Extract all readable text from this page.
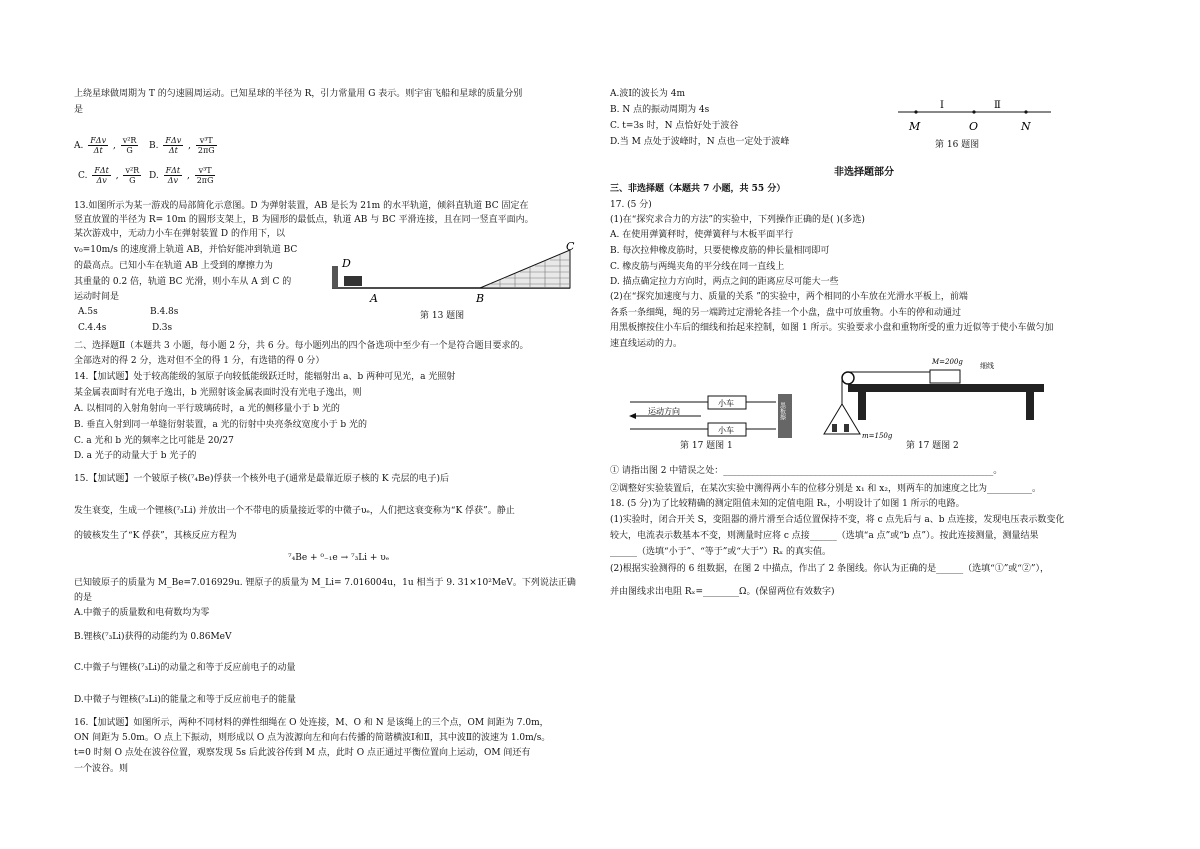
上绕星球做周期为 T 的匀速圆周运动。已知星球的半径为 R，引力常量用 G 表示。则宇宙飞船和星球的质量分别
是
A. $\frac{\text{FΔv}}{\Delta t}$ , $\frac{\text{v²R}}{G} B$. $\frac{\text{FΔv}}{\Delta t}$ , $\frac{\text{v³T}}{2\pi G}$
C. $\frac{\text{FΔt}}{\Delta v}$ , $\frac{\text{v²R}}{G} D$. $\frac{\text{FΔt}}{\Delta v}$ , $\frac{\text{v³T}}{2\pi G}$
13.如图所示为某一游戏的局部简化示意图。D 为弹射装置，AB 是长为 21m 的水平轨道，倾斜直轨道 BC 固定在
竖直放置的半径为 R= 10m 的圆形支架上，B 为圆形的最低点，轨道 AB 与 BC 平滑连接，且在同一竖直平面内。
某次游戏中，无动力小车在弹射装置 D 的作用下，以
v₀=10m/s 的速度滑上轨道 AB，并恰好能冲到轨道 BC
的最高点。已知小车在轨道 AB 上受到的摩擦力为
其重量的 0.2 倍，轨道 BC 光滑，则小车从 A 到 C 的
运动时间是
A.5s	B.4.8s
C.4.4s	D.3s
D
A	B
C
第 13 题图
二、选择题Ⅱ（本题共 3 小题，每小题 2 分，共 6 分。每小题列出的四个备选项中至少有一个是符合题目要求的。
全部选对的得 2 分，选对但不全的得 1 分，有选错的得 0 分）
14.【加试题】处于较高能级的氢原子向较低能级跃迁时，能辐射出 a、b 两种可见光，a 光照射
某金属表面时有光电子逸出，b 光照射该金属表面时没有光电子逸出，则
A. 以相同的入射角射向一平行玻璃砖时，a 光的侧移量小于 b 光的
B. 垂直入射到同一单缝衍射装置，a 光的衍射中央亮条纹宽度小于 b 光的
C. a 光和 b 光的频率之比可能是 20/27
D. a 光子的动量大于 b 光子的
15.【加试题】一个铍原子核(⁷₄Be)俘获一个核外电子(通常是最靠近原子核的 K 壳层的电子)后
发生衰变，生成一个锂核(⁷₃Li) 并放出一个不带电的质量接近零的中微子υₑ，人们把这衰变称为“K 俘获”。静止
的铍核发生了“K 俘获”，其核反应方程为
⁷₄Be + ⁰₋₁e → ⁷₃Li + υₑ
已知铍原子的质量为 M_Be=7.016929u. 锂原子的质量为 M_Li= 7.016004u，1u 相当于 9. 31×10²MeV。下列说法正确
的是
A.中微子的质量数和电荷数均为零
B.锂核(⁷₃Li)获得的动能约为 0.86MeV
C.中微子与锂核(⁷₃Li)的动量之和等于反应前电子的动量
D.中微子与锂核(⁷₃Li)的能量之和等于反应前电子的能量
16.【加试题】如图所示，两种不同材料的弹性细绳在 O 处连接，M、O 和 N 是该绳上的三个点，OM 间距为 7.0m，
ON 间距为 5.0m。O 点上下振动，则形成以 O 点为波源向左和向右传播的简谐横波Ⅰ和Ⅱ，其中波Ⅱ的波速为 1.0m/s。
t=0 时刻 O 点处在波谷位置，观察发现 5s 后此波谷传到 M 点，此时 O 点正通过平衡位置向上运动，OM 间还有
一个波谷。则
A.波Ⅰ的波长为 4m
B. N 点的振动周期为 4s
C. t=3s 时，N 点恰好处于波谷
D.当 M 点处于波峰时，N 点也一定处于波峰
Ⅰ	Ⅱ
M	O	N
第 16 题图
非选择题部分
三、非选择题（本题共 7 小题，共 55 分）
17. (5 分)
(1)在“探究求合力的方法”的实验中，下列操作正确的是( )(多选)
A. 在使用弹簧秤时，使弹簧秤与木板平面平行
B. 每次拉伸橡皮筋时，只要使橡皮筋的伸长量相同即可
C. 橡皮筋与两绳夹角的平分线在同一直线上
D. 描点确定拉力方向时，两点之间的距离应尽可能大一些
(2)在“探究加速度与力、质量的关系 ”的实验中，两个相同的小车放在光滑水平板上，前端
各系一条细绳，绳的另一端跨过定滑轮各挂一个小盘，盘中可放重物。小车的停和动通过
用黑板擦按住小车后的细线和抬起来控制，如图 1 所示。实验要求小盘和重物所受的重力近似等于使小车做匀加
速直线运动的力。
小车
小车
运动方向	黑板擦
第 17 题图 1
M=200g 细线
m=150g
第 17 题图 2
① 请指出图 2 中错误之处：____________________________________________________________。
②调整好实验装置后，在某次实验中测得两小车的位移分别是 x₁ 和 x₂，则两车的加速度之比为__________。
18. (5 分)为了比较精确的测定阻值未知的定值电阻 Rₓ，小明设计了如图 1 所示的电路。
(1)实验时，闭合开关 S，变阻器的滑片滑至合适位置保持不变，将 c 点先后与 a、b 点连接，发现电压表示数变化
较大，电流表示数基本不变，则测量时应将 c 点接______（选填“a 点”或“b 点”）。按此连接测量，测量结果
______（选填“小于”、“等于”或“大于”）Rₓ 的真实值。
(2)根据实验测得的 6 组数据，在图 2 中描点，作出了 2 条图线。你认为正确的是______（选填“①”或“②”），
并由图线求出电阻 Rₓ=________Ω。(保留两位有效数字)
